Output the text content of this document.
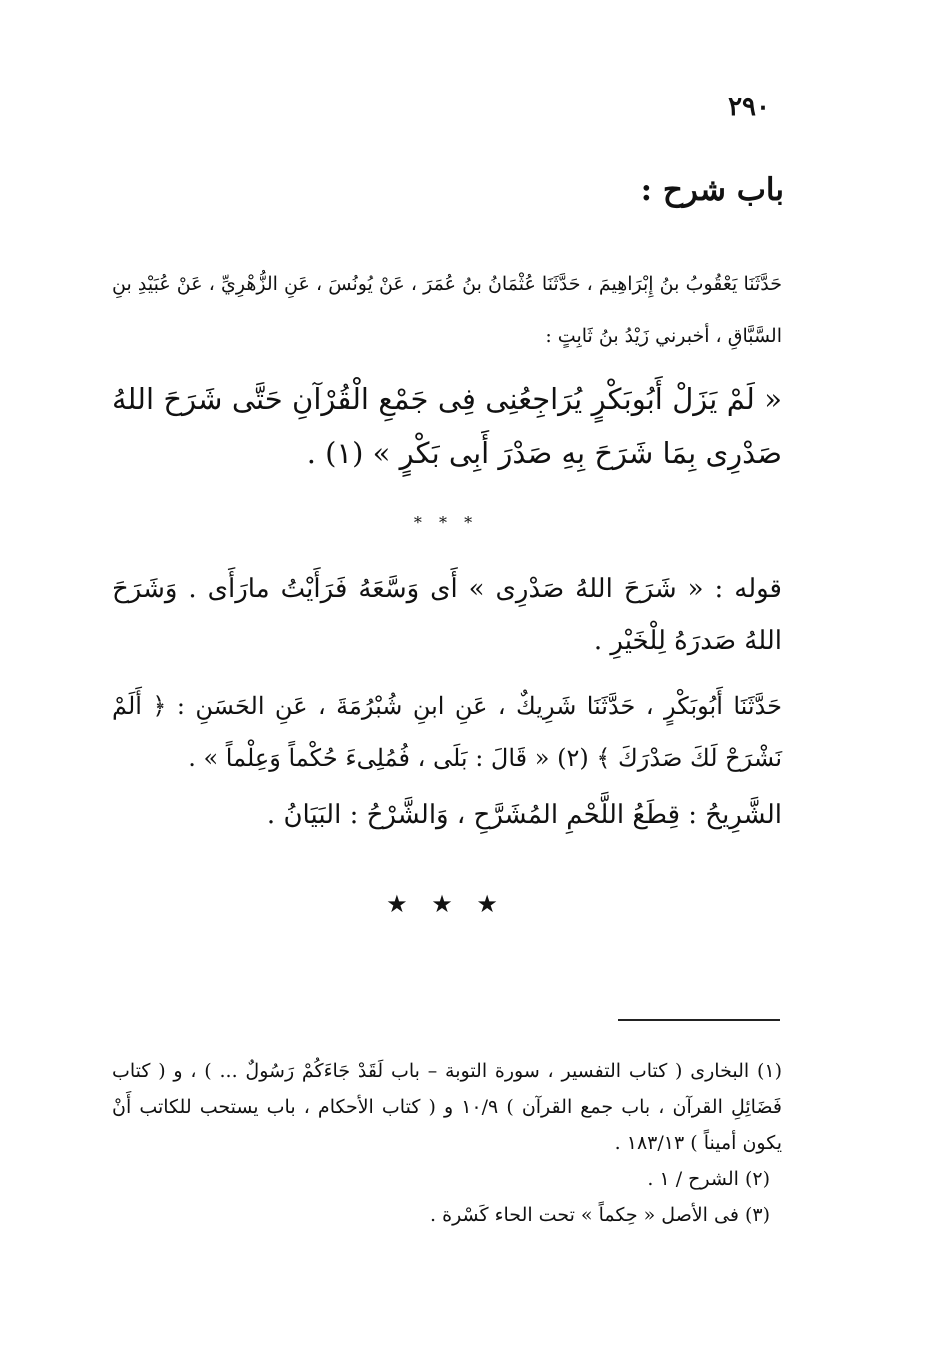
٢٩٠
باب شرح :

حَدَّثَنَا يَعْقُوبُ بنُ إِبْرَاهِيمَ ، حَدَّثَنَا عُثْمَانُ بنُ عُمَرَ ، عَنْ يُونُسَ ، عَنِ الزُّهْرِيِّ ، عَنْ عُبَيْدِ بنِ السَّبَّاقِ ، أخبرني زَيْدُ بنُ ثَابِتٍ :

« لَمْ يَزَلْ أَبُوبَكْرٍ يُرَاجِعُنِى فِى جَمْعِ الْقُرْآنِ حَتَّى شَرَحَ اللهُ صَدْرِى بِمَا شَرَحَ بِهِ صَدْرَ أَبِى بَكْرٍ » (١) .

* * *

قوله : « شَرَحَ اللهُ صَدْرِى » أَى وَسَّعَهُ فَرَأَيْتُ مارَأَى . وَشَرَحَ اللهُ صَدرَهُ لِلْخَيْرِ .

حَدَّثَنَا أَبُوبَكْرٍ ، حَدَّثَنَا شَرِيكٌ ، عَنِ ابنِ شُبْرُمَةَ ، عَنِ الحَسَنِ : ﴿ أَلَمْ نَشْرَحْ لَكَ صَدْرَكَ ﴾ (٢) « قَالَ : بَلَى ، فُمُلِىءَ حُكْماً وَعِلْماً » .

الشَّرِيحُ : قِطَعُ اللَّحْمِ المُشَرَّحِ ، وَالشَّرْحُ : البَيَانُ .

★ ★ ★

(١) البخارى ( كتاب التفسير ، سورة التوبة – باب لَقَدْ جَاءَكُمْ رَسُولٌ ... ) ، و ( كتاب فَضَائِلِ القرآن ، باب جمع القرآن ) ١٠/٩ و ( كتاب الأحكام ، باب يستحب للكاتب أَنْ يكون أميناً ) ١٨٣/١٣ .

(٢) الشرح / ١ .

(٣) فى الأصل « حِكماً » تحت الحاء كَسْرة .
